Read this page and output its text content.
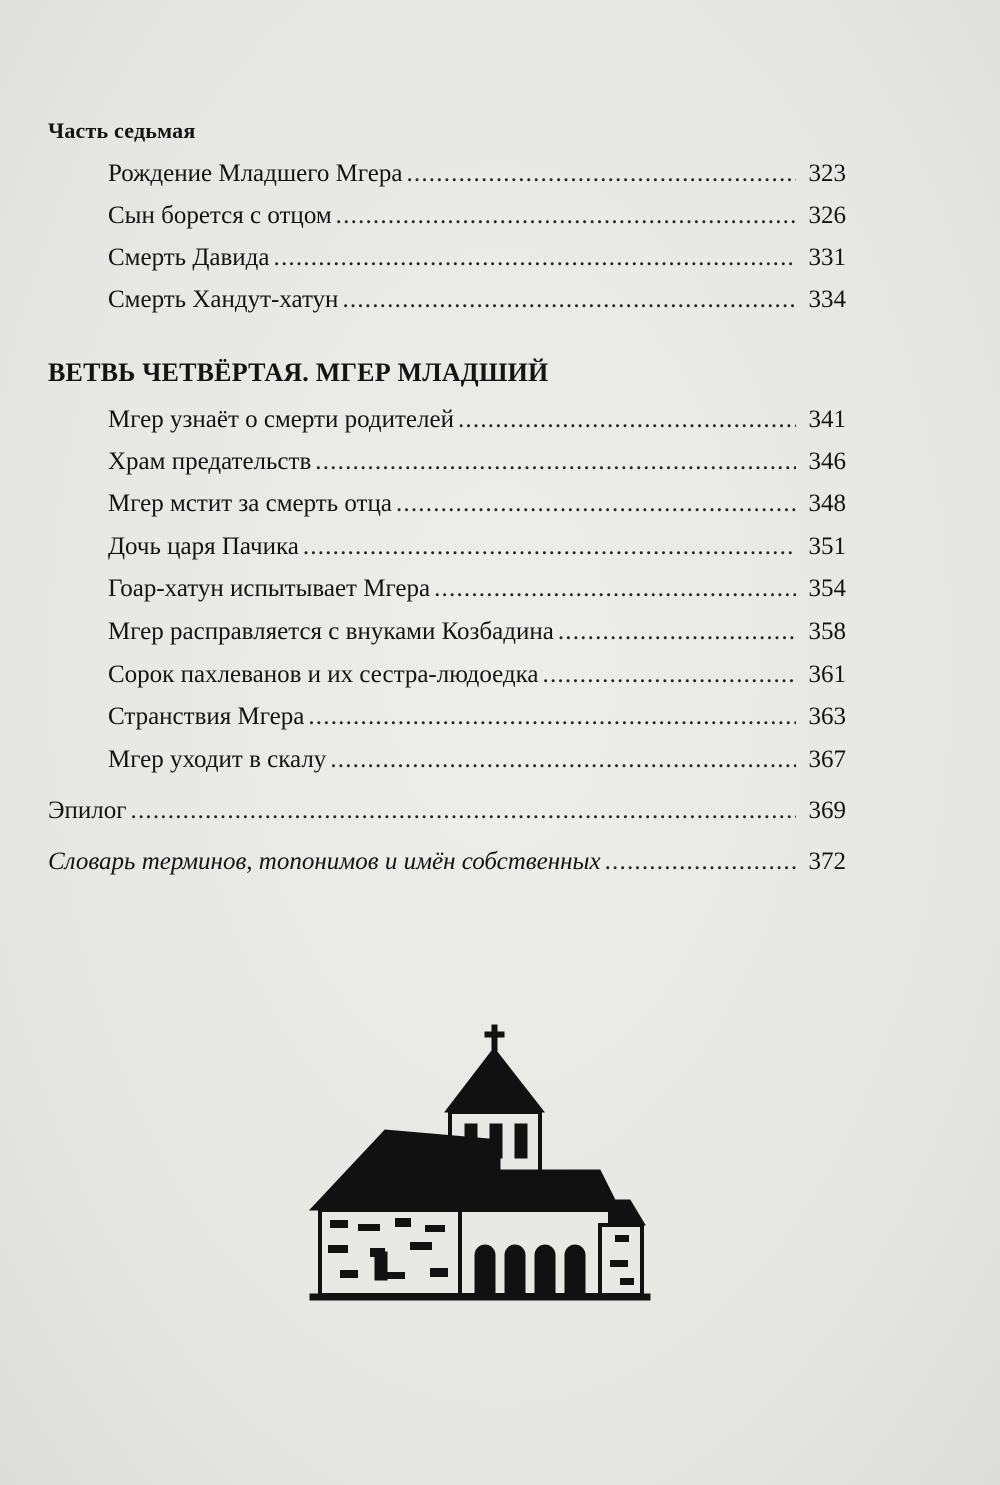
Часть седьмая
Рождение Младшего Мгера .....	323
Сын борется с отцом .....	326
Смерть Давида .....	331
Смерть Хандут-хатун .....	334
ВЕТВЬ ЧЕТВЁРТАЯ. МГЕР МЛАДШИЙ
Мгер узнаёт о смерти родителей .....	341
Храм предательств .....	346
Мгер мстит за смерть отца .....	348
Дочь царя Пачика .....	351
Гоар-хатун испытывает Мгера .....	354
Мгер расправляется с внуками Козбадина .....	358
Сорок пахлеванов и их сестра-людоедка .....	361
Странствия Мгера .....	363
Мгер уходит в скалу .....	367
Эпилог .....	369
Словарь терминов, топонимов и имён собственных .....	372
